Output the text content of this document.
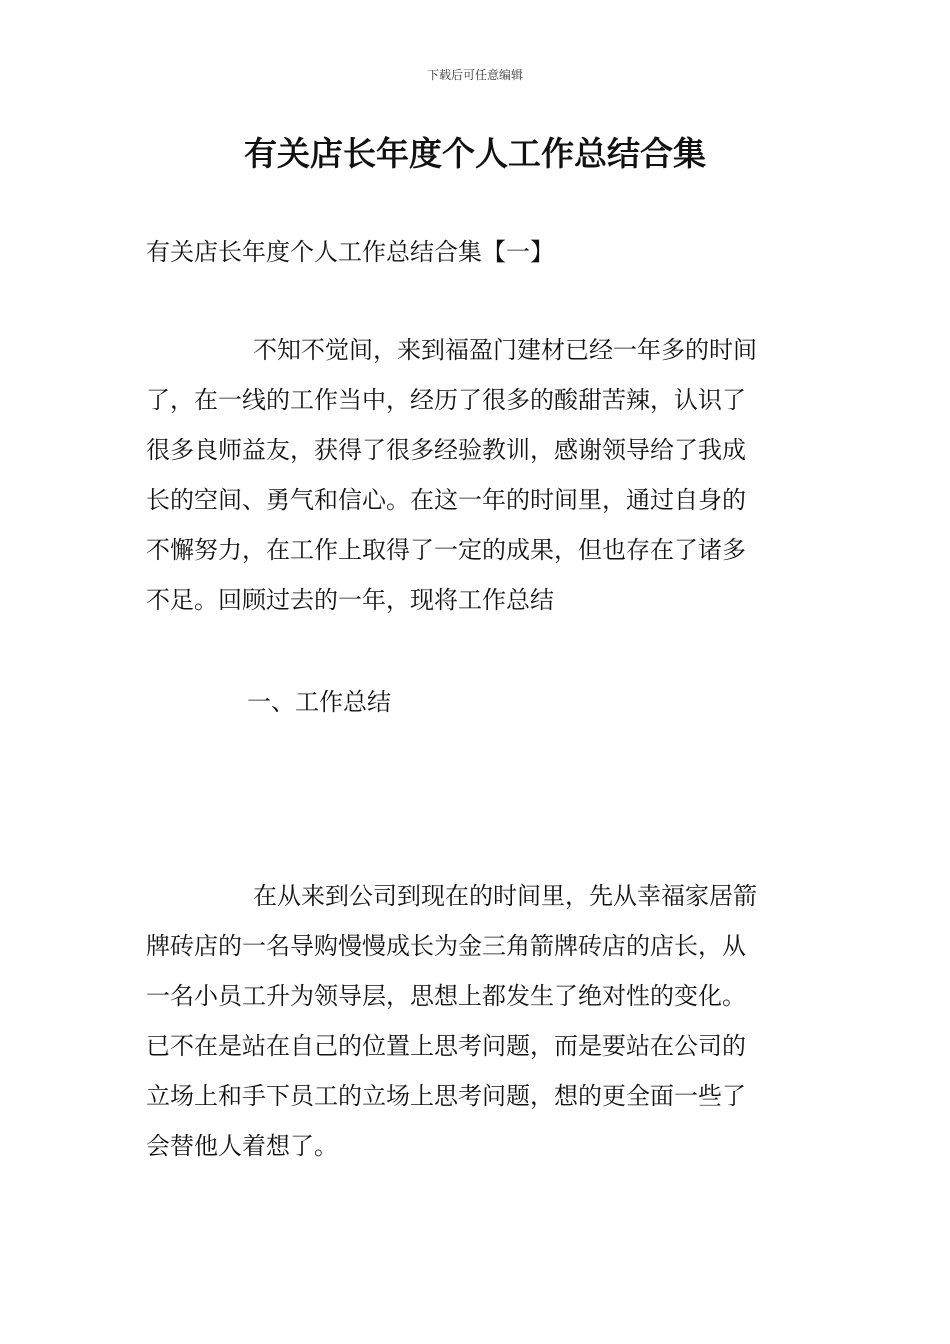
下载后可任意编辑
有关店长年度个人工作总结合集
有关店长年度个人工作总结合集【一】
不知不觉间，来到福盈门建材已经一年多的时间
了，在一线的工作当中，经历了很多的酸甜苦辣，认识了
很多良师益友，获得了很多经验教训，感谢领导给了我成
长的空间、勇气和信心。在这一年的时间里，通过自身的
不懈努力，在工作上取得了一定的成果，但也存在了诸多
不足。回顾过去的一年，现将工作总结
一、工作总结
在从来到公司到现在的时间里，先从幸福家居箭
牌砖店的一名导购慢慢成长为金三角箭牌砖店的店长，从
一名小员工升为领导层，思想上都发生了绝对性的变化。
已不在是站在自己的位置上思考问题，而是要站在公司的
立场上和手下员工的立场上思考问题，想的更全面一些了
会替他人着想了。
